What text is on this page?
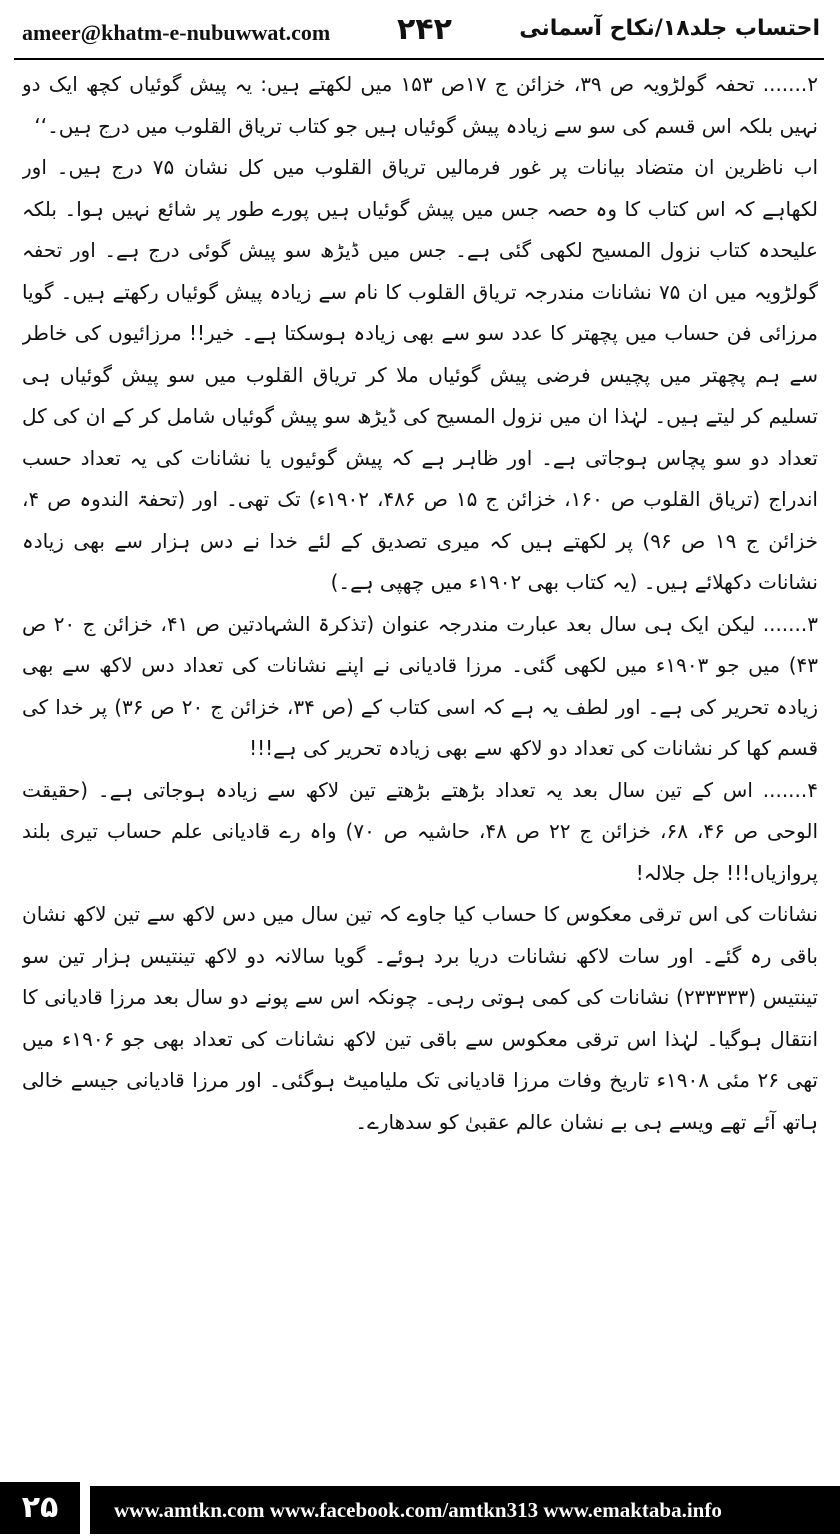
ameer@khatm-e-nubuwwat.com ۲۴۲	احتساب جلد۱۸/نکاح آسمانی

۲....... تحفہ گولڑویہ ص ۳۹، خزائن ج ۱۷ص ۱۵۳ میں لکھتے ہیں: یہ پیش گوئیاں کچھ ایک دو نہیں بلکہ اس قسم کی سو سے زیادہ پیش گوئیاں ہیں جو کتاب تریاق القلوب میں درج ہیں۔‘‘

اب ناظرین ان متضاد بیانات پر غور فرمالیں تریاق القلوب میں کل نشان ۷۵ درج ہیں۔ اور لکھاہے کہ اس کتاب کا وہ حصہ جس میں پیش گوئیاں ہیں پورے طور پر شائع نہیں ہوا۔ بلکہ علیحدہ کتاب نزول المسیح لکھی گئی ہے۔ جس میں ڈیڑھ سو پیش گوئی درج ہے۔ اور تحفہ گولڑویہ میں ان ۷۵ نشانات مندرجہ تریاق القلوب کا نام سے زیادہ پیش گوئیاں رکھتے ہیں۔ گویا مرزائی فن حساب میں پچھتر کا عدد سو سے بھی زیادہ ہوسکتا ہے۔ خیر!! مرزائیوں کی خاطر سے ہم پچھتر میں پچیس فرضی پیش گوئیاں ملا کر تریاق القلوب میں سو پیش گوئیاں ہی تسلیم کر لیتے ہیں۔ لہٰذا ان میں نزول المسیح کی ڈیڑھ سو پیش گوئیاں شامل کر کے ان کی کل تعداد دو سو پچاس ہوجاتی ہے۔ اور ظاہر ہے کہ پیش گوئیوں یا نشانات کی یہ تعداد حسب اندراج (تریاق القلوب ص ۱۶۰، خزائن ج ۱۵ ص ۴۸۶، ۱۹۰۲ء) تک تھی۔ اور (تحفۃ الندوہ ص ۴، خزائن ج ۱۹ ص ۹۶) پر لکھتے ہیں کہ میری تصدیق کے لئے خدا نے دس ہزار سے بھی زیادہ نشانات دکھلائے ہیں۔ (یہ کتاب بھی ۱۹۰۲ء میں چھپی ہے۔)

۳....... لیکن ایک ہی سال بعد عبارت مندرجہ عنوان (تذکرۃ الشہادتین ص ۴۱، خزائن ج ۲۰ ص ۴۳) میں جو ۱۹۰۳ء میں لکھی گئی۔ مرزا قادیانی نے اپنے نشانات کی تعداد دس لاکھ سے بھی زیادہ تحریر کی ہے۔ اور لطف یہ ہے کہ اسی کتاب کے (ص ۳۴، خزائن ج ۲۰ ص ۳۶) پر خدا کی قسم کھا کر نشانات کی تعداد دو لاکھ سے بھی زیادہ تحریر کی ہے!!!

۴....... اس کے تین سال بعد یہ تعداد بڑھتے بڑھتے تین لاکھ سے زیادہ ہوجاتی ہے۔ (حقیقت الوحی ص ۴۶، ۶۸، خزائن ج ۲۲ ص ۴۸، حاشیہ ص ۷۰) واہ رے قادیانی علم حساب تیری بلند پروازیاں!!! جل جلالہ!

نشانات کی اس ترقی معکوس کا حساب کیا جاوے کہ تین سال میں دس لاکھ سے تین لاکھ نشان باقی رہ گئے۔ اور سات لاکھ نشانات دریا برد ہوئے۔ گویا سالانہ دو لاکھ تینتیس ہزار تین سو تینتیس (۲۳۳۳۳۳) نشانات کی کمی ہوتی رہی۔ چونکہ اس سے پونے دو سال بعد مرزا قادیانی کا انتقال ہوگیا۔ لہٰذا اس ترقی معکوس سے باقی تین لاکھ نشانات کی تعداد بھی جو ۱۹۰۶ء میں تھی ۲۶ مئی ۱۹۰۸ء تاریخ وفات مرزا قادیانی تک ملیامیٹ ہوگئی۔ اور مرزا قادیانی جیسے خالی ہاتھ آئے تھے ویسے ہی بے نشان عالم عقبیٰ کو سدھارے۔

۲۵	www.amtkn.com www.facebook.com/amtkn313 www.emaktaba.info
